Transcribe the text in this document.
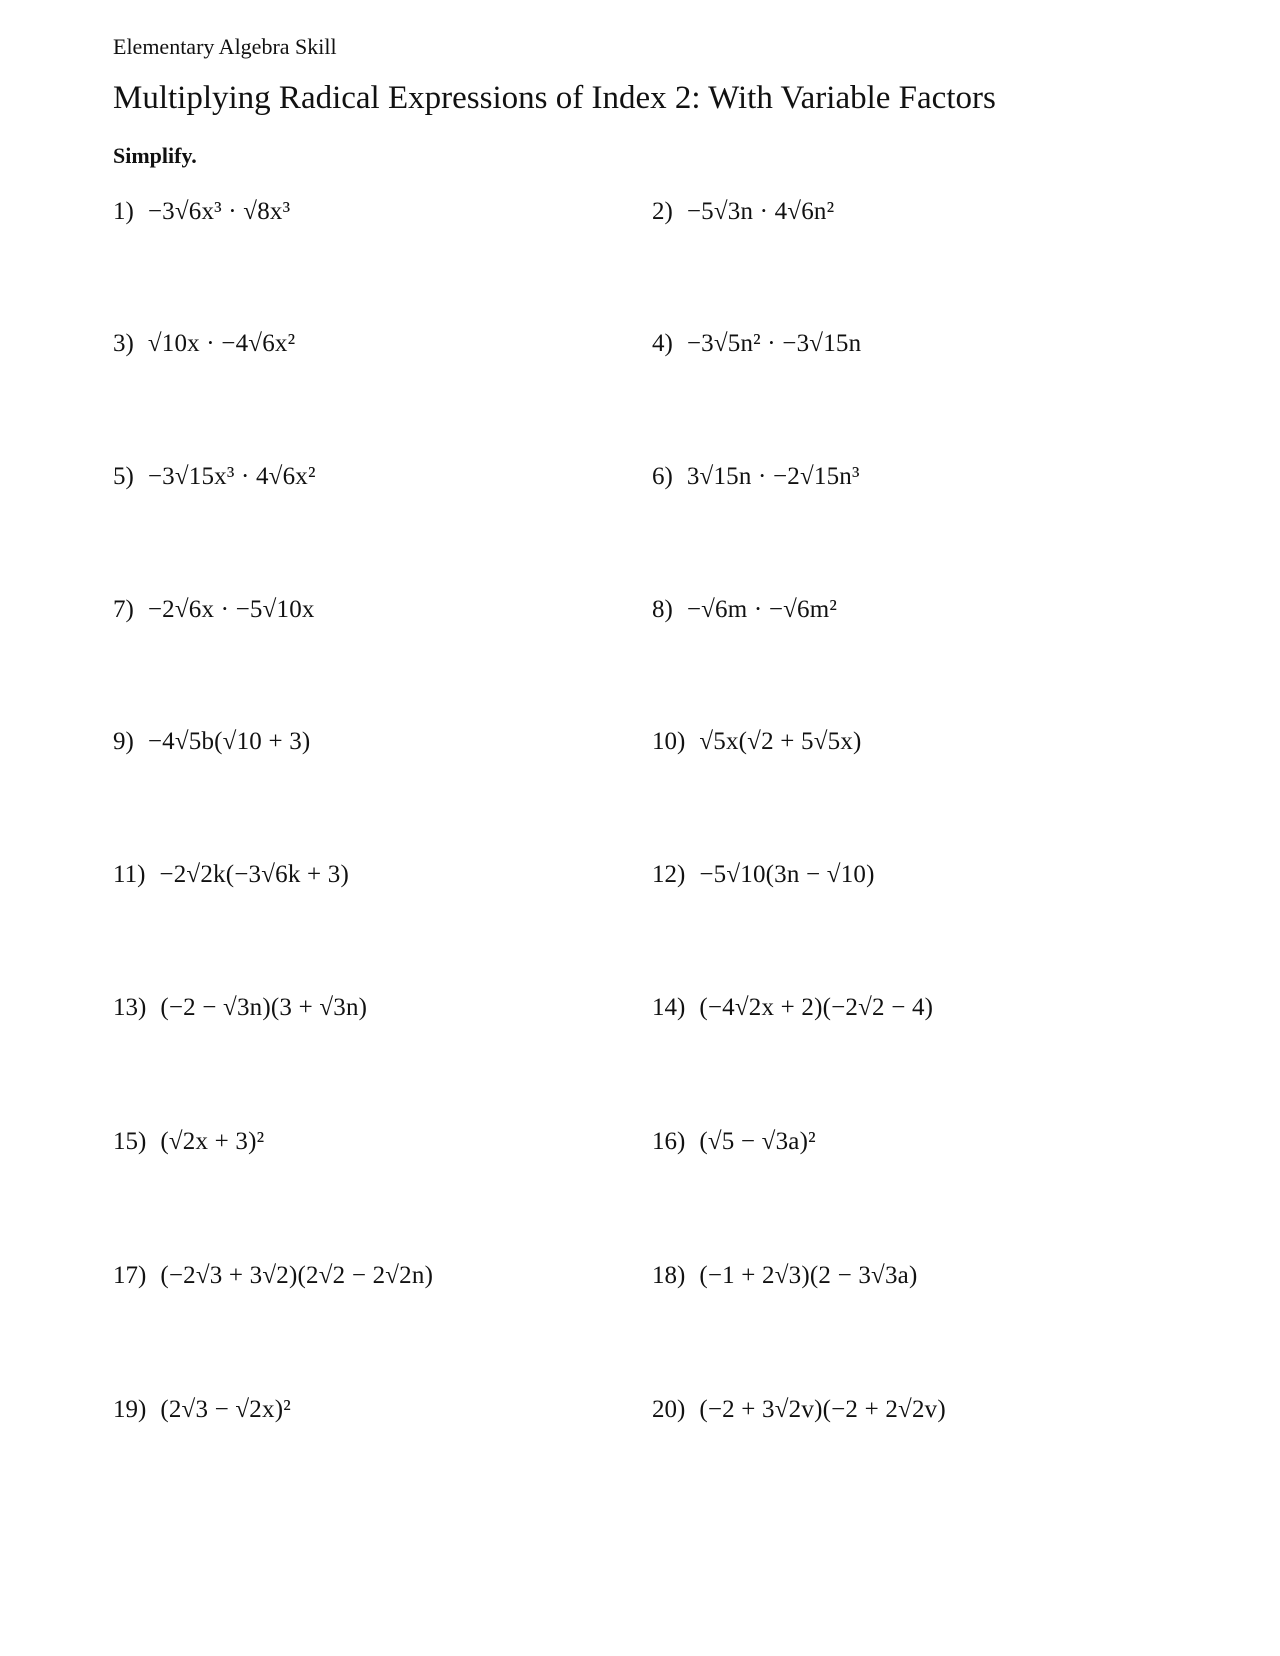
Elementary Algebra Skill
Multiplying Radical Expressions of Index 2: With Variable Factors
Simplify.
1) −3√6x³ · √8x³	2) −5√3n · 4√6n²
3) √10x · −4√6x²	4) −3√5n² · −3√15n
5) −3√15x³ · 4√6x²	6) 3√15n · −2√15n³
7) −2√6x · −5√10x	8) −√6m · −√6m²
9) −4√5b(√10 + 3)	10) √5x(√2 + 5√5x)
11) −2√2k(−3√6k + 3)	12) −5√10(3n − √10)
13) (−2 − √3n)(3 + √3n)	14) (−4√2x + 2)(−2√2 − 4)
15) (√2x + 3)²	16) (√5 − √3a)²
17) (−2√3 + 3√2)(2√2 − 2√2n)	18) (−1 + 2√3)(2 − 3√3a)
19) (2√3 − √2x)²	20) (−2 + 3√2v)(−2 + 2√2v)
